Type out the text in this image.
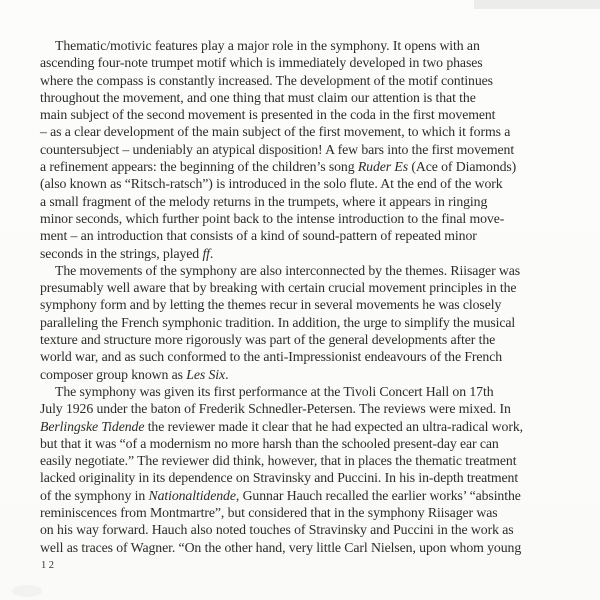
Thematic/motivic features play a major role in the symphony. It opens with an
ascending four-note trumpet motif which is immediately developed in two phases
where the compass is constantly increased. The development of the motif continues
throughout the movement, and one thing that must claim our attention is that the
main subject of the second movement is presented in the coda in the first movement
– as a clear development of the main subject of the first movement, to which it forms a
countersubject – undeniably an atypical disposition! A few bars into the first movement
a refinement appears: the beginning of the children’s song Ruder Es (Ace of Diamonds)
(also known as “Ritsch-ratsch”) is introduced in the solo flute. At the end of the work
a small fragment of the melody returns in the trumpets, where it appears in ringing
minor seconds, which further point back to the intense introduction to the final move-
ment – an introduction that consists of a kind of sound-pattern of repeated minor
seconds in the strings, played ff.
The movements of the symphony are also interconnected by the themes. Riisager was
presumably well aware that by breaking with certain crucial movement principles in the
symphony form and by letting the themes recur in several movements he was closely
paralleling the French symphonic tradition. In addition, the urge to simplify the musical
texture and structure more rigorously was part of the general developments after the
world war, and as such conformed to the anti-Impressionist endeavours of the French
composer group known as Les Six.
The symphony was given its first performance at the Tivoli Concert Hall on 17th
July 1926 under the baton of Frederik Schnedler-Petersen. The reviews were mixed. In
Berlingske Tidende the reviewer made it clear that he had expected an ultra-radical work,
but that it was “of a modernism no more harsh than the schooled present-day ear can
easily negotiate.” The reviewer did think, however, that in places the thematic treatment
lacked originality in its dependence on Stravinsky and Puccini. In his in-depth treatment
of the symphony in Nationaltidende, Gunnar Hauch recalled the earlier works’ “absinthe
reminiscences from Montmartre”, but considered that in the symphony Riisager was
on his way forward. Hauch also noted touches of Stravinsky and Puccini in the work as
well as traces of Wagner. “On the other hand, very little Carl Nielsen, upon whom young
12
